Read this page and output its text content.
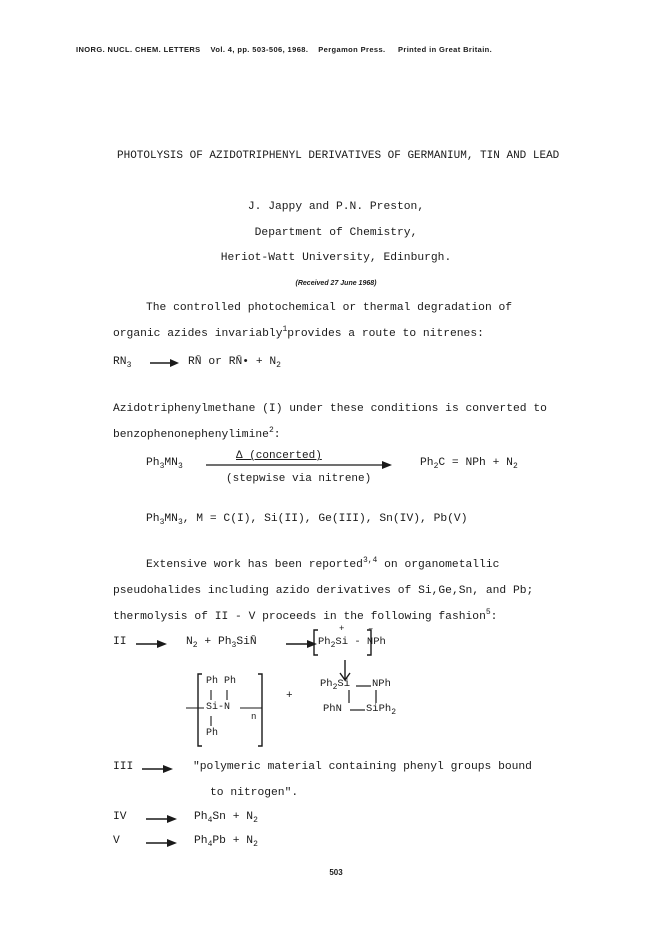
INORG. NUCL. CHEM. LETTERS Vol. 4, pp. 503-506, 1968. Pergamon Press. Printed in Great Britain.
PHOTOLYSIS OF AZIDOTRIPHENYL DERIVATIVES OF GERMANIUM, TIN AND LEAD
J. Jappy and P.N. Preston,
Department of Chemistry,
Heriot-Watt University, Edinburgh.
(Received 27 June 1968)
The controlled photochemical or thermal degradation of
organic azides invariably$^1$provides a route to nitrenes:
$RN_3$ → RN̄ or RN̄• + $N_2$
Azidotriphenylmethane (I) under these conditions is converted to
benzophenonephenylimine$^2$:
$Ph_3MN_3$
Δ (concerted)
(stepwise via nitrene)
$Ph_2C$ = NPh + $N_2$
$Ph_3MN_3$, M = C(I), Si(II), Ge(III), Sn(IV), Pb(V)
Extensive work has been reported$^{3,4}$ on organometallic
pseudohalides including azido derivatives of Si,Ge,Sn, and Pb;
thermolysis of II - V proceeds in the following fashion$^5$:
II → $N_2$ + $Ph_3SiN̄ \to Ph_2Si$ - NPh
+	–
Ph Ph
Si-N
n
Ph
+
$Ph_2Si$ NPh
PhN SiPh$_2$
III → "polymeric material containing phenyl groups bound
to nitrogen".
IV → $Ph_4Sn + N_2$
$V \to Ph_4Pb + N_2$
503
